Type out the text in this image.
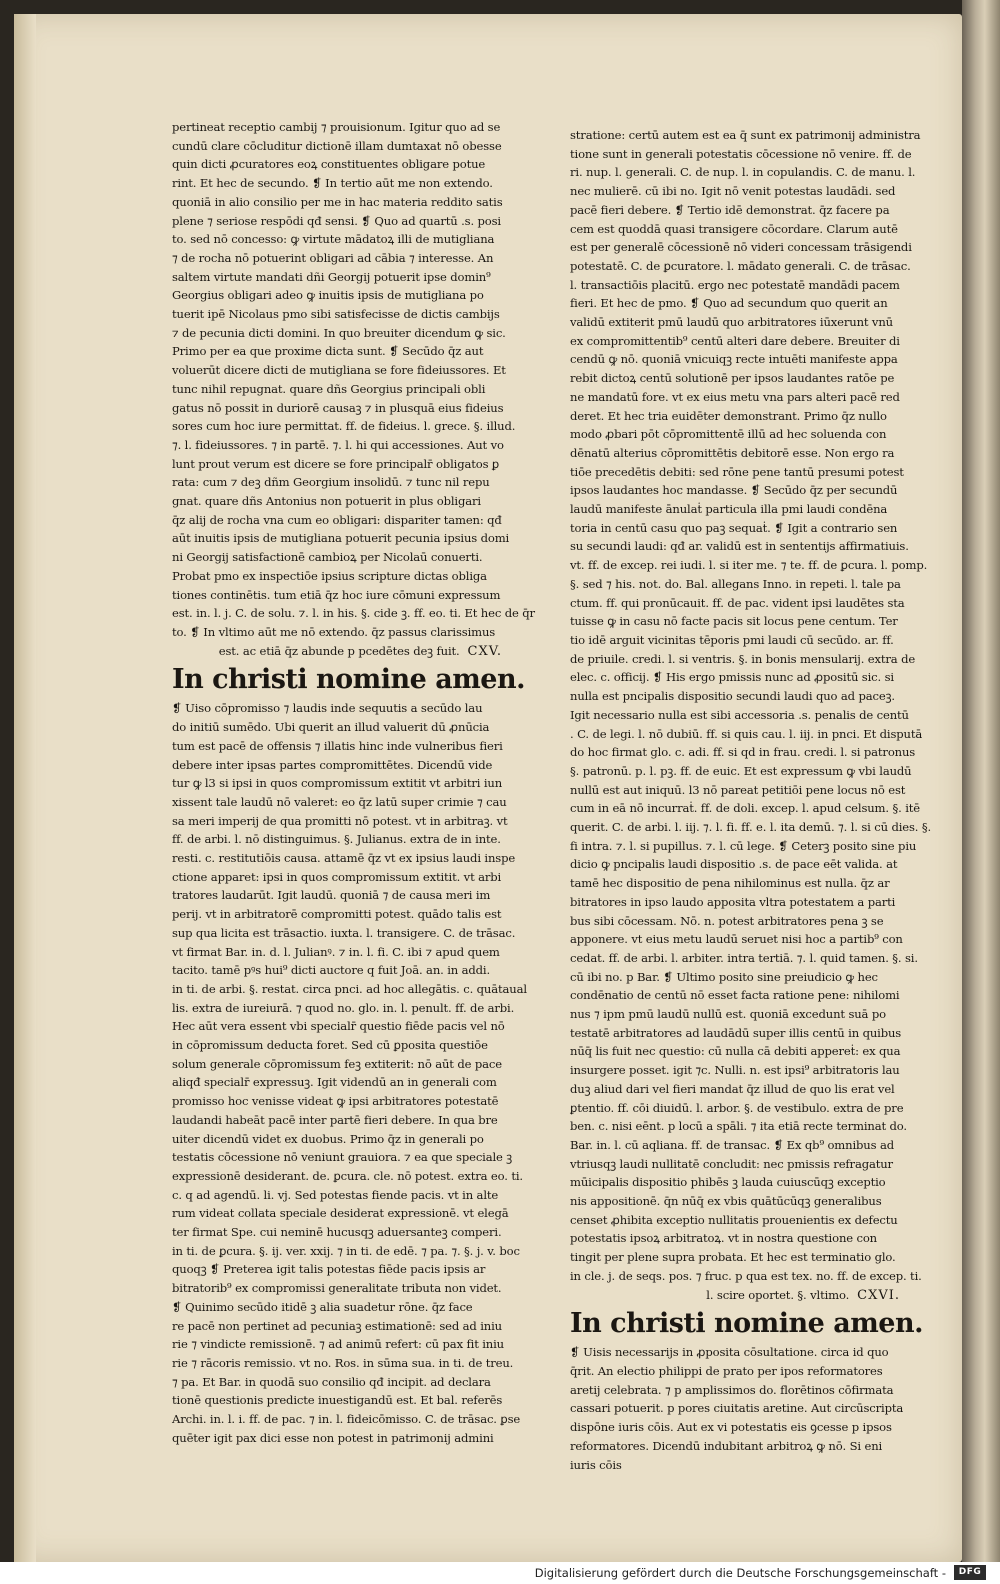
pertineat receptio cambij ⁊ prouisionum. Igitur quo ad se
cundū clare cōcluditur dictionē illam dumtaxat nō obesse
quin dicti ꝓcuratores eoꝝ constituentes obligare potue
rint. Et hec de secundo. ❡ In tertio aūt me non extendo.
quoniā in alio consilio per me in hac materia reddito satis
plene ⁊ seriose respōdi qđ sensi. ❡ Quo ad quartū .s. posi
to. sed nō concesso: ꝙ virtute mādatoꝝ illi de mutigliana
⁊ de rocha nō potuerint obligari ad cābia ⁊ interesse. An
saltem virtute mandati dñi Georgij potuerit ipse domin⁹
Georgius obligari adeo ꝙ inuitis ipsis de mutigliana po
tuerit ipē Nicolaus pmo sibi satisfecisse de dictis cambijs
⁊ de pecunia dicti domini. In quo breuiter dicendum ꝙ sic.
Primo per ea que proxime dicta sunt. ❡ Secūdo q̄z aut
voluerūt dicere dicti de mutigliana se fore fideiussores. Et
tunc nihil repugnat. quare dñs Georgius principali obli
gatus nō possit in duriorē causaꝫ ⁊ in plusquā eius fideius
sores cum hoc iure permittat. ff. de fideius. l. grece. §. illud.
⁊. l. fideiussores. ⁊ in partē. ⁊. l. hi qui accessiones. Aut vo
lunt prout verum est dicere se fore principalr̄ obligatos ꝑ
rata: cum ⁊ deꝫ dñm Georgium insolidū. ⁊ tunc nil repu
gnat. quare dñs Antonius non potuerit in plus obligari
q̄z alij de rocha vna cum eo obligari: dispariter tamen: qđ
aūt inuitis ipsis de mutigliana potuerit pecunia ipsius domi
ni Georgij satisfactionē cambioꝝ per Nicolaū conuerti.
Probat pmo ex inspectiōe ipsius scripture dictas obliga
tiones continētis. tum etiā q̄z hoc iure cōmuni expressum
est. in. l. j. C. de solu. ⁊. l. in his. §. cide ꝫ. ff. eo. ti. Et hec de q̄r
to. ❡ In vltimo aūt me nō extendo. q̄z passus clarissimus
est. ac etiā q̄z abunde p pcedētes deꝫ fuit. CXV.
In christi nomine amen.
❡ Uiso cōpromisso ⁊ laudis inde sequutis a secūdo lau
do initiū sumēdo. Ubi querit an illud valuerit dū ꝓnūcia
tum est pacē de offensis ⁊ illatis hinc inde vulneribus fieri
debere inter ipsas partes compromittētes. Dicendū vide
tur ꝙ l3 si ipsi in quos compromissum extitit vt arbitri iun
xissent tale laudū nō valeret: eo q̄z latū super crimie ⁊ cau
sa meri imperij de qua promitti nō potest. vt in arbitraꝫ. vt
ff. de arbi. l. nō distinguimus. §. Julianus. extra de in inte.
resti. c. restitutiōis causa. attamē q̄z vt ex ipsius laudi inspe
ctione apparet: ipsi in quos compromissum extitit. vt arbi
tratores laudarūt. Igit laudū. quoniā ⁊ de causa meri im
perij. vt in arbitratorē compromitti potest. quādo talis est
sup qua licita est trāsactio. iuxta. l. transigere. C. de trāsac.
vt firmat Bar. in. d. l. Julianꝰ. ⁊ in. l. fi. C. ibi ⁊ apud quem
tacito. tamē pꝰs hui⁹ dicti auctore q fuit Joā. an. in addi.
in ti. de arbi. §. restat. circa pnci. ad hoc allegātis. c. quātaual
lis. extra de iureiurā. ⁊ quod no. glo. in. l. penult. ff. de arbi.
Hec aūt vera essent vbi specialr̄ questio fiēde pacis vel nō
in cōpromissum deducta foret. Sed cū ꝑposita questiōe
solum generale cōpromissum feꝫ extiterit: nō aūt de pace
aliqđ specialr̄ expressuꝫ. Igit videndū an in generali com
promisso hoc venisse videat ꝙ ipsi arbitratores potestatē
laudandi habeāt pacē inter partē fieri debere. In qua bre
uiter dicendū videt ex duobus. Primo q̄z in generali po
testatis cōcessione nō veniunt grauiora. ⁊ ea que speciale ꝫ
expressionē desiderant. de. ꝑcura. cle. nō potest. extra eo. ti.
c. q ad agendū. li. vj. Sed potestas fiende pacis. vt in alte
rum videat collata speciale desiderat expressionē. vt elegā
ter firmat Spe. cui neminē hucusqꝫ aduersanteꝫ comperi.
in ti. de ꝑcura. §. ij. ver. xxij. ⁊ in ti. de edē. ⁊ pa. ⁊. §. j. v. boc
quoqꝫ ❡ Preterea igit talis potestas fiēde pacis ipsis ar
bitratorib⁹ ex compromissi generalitate tributa non videt.
❡ Quinimo secūdo itidē ꝫ alia suadetur rōne. q̄z face
re pacē non pertinet ad pecuniaꝫ estimationē: sed ad iniu
rie ⁊ vindicte remissionē. ⁊ ad animū refert: cū pax fit iniu
rie ⁊ rācoris remissio. vt no. Ros. in sūma sua. in ti. de treu.
⁊ pa. Et Bar. in quodā suo consilio qđ incipit. ad declara
tionē questionis predicte inuestigandū est. Et bal. referēs
Archi. in. l. i. ff. de pac. ⁊ in. l. fideicōmisso. C. de trāsac. ꝑse
quēter igit pax dici esse non potest in patrimonij admini
stratione: certū autem est ea q̄ sunt ex patrimonij administra
tione sunt in generali potestatis cōcessione nō venire. ff. de
ri. nup. l. generali. C. de nup. l. in copulandis. C. de manu. l.
nec mulierē. cū ibi no. Igit nō venit potestas laudādi. sed
pacē fieri debere. ❡ Tertio idē demonstrat. q̄z facere pa
cem est quoddā quasi transigere cōcordare. Clarum autē
est per generalē cōcessionē nō videri concessam trāsigendi
potestatē. C. de ꝑcuratore. l. mādato generali. C. de trāsac.
l. transactiōis placitū. ergo nec potestatē mandādi pacem
fieri. Et hec de pmo. ❡ Quo ad secundum quo querit an
validū extiterit pmū laudū quo arbitratores iūxerunt vnū
ex compromittentib⁹ centū alteri dare debere. Breuiter di
cendū ꝙ nō. quoniā vnicuiqꝫ recte intuēti manifeste appa
rebit dictoꝝ centū solutionē per ipsos laudantes ratōe pe
ne mandatū fore. vt ex eius metu vna pars alteri pacē red
deret. Et hec tria euidēter demonstrant. Primo q̄z nullo
modo ꝓbari pōt cōpromittentē illū ad hec soluenda con
dēnatū alterius cōpromittētis debitorē esse. Non ergo ra
tiōe precedētis debiti: sed rōne pene tantū presumi potest
ipsos laudantes hoc mandasse. ❡ Secūdo q̄z per secundū
laudū manifeste ānulaṫ particula illa pmi laudi condēna
toria in centū casu quo paꝫ sequaṫ. ❡ Igit a contrario sen
su secundi laudi: qđ ar. validū est in sententijs affirmatiuis.
vt. ff. de excep. rei iudi. l. si iter me. ⁊ te. ff. de ꝑcura. l. pomp.
§. sed ⁊ his. not. do. Bal. allegans Inno. in repeti. l. tale pa
ctum. ff. qui pronūcauit. ff. de pac. vident ipsi laudētes sta
tuisse ꝙ in casu nō facte pacis sit locus pene centum. Ter
tio idē arguit vicinitas tēporis pmi laudi cū secūdo. ar. ff.
de priuile. credi. l. si ventris. §. in bonis mensularij. extra de
elec. c. officij. ❡ His ergo pmissis nunc ad ꝓpositū sic. si
nulla est pncipalis dispositio secundi laudi quo ad paceꝫ.
Igit necessario nulla est sibi accessoria .s. penalis de centū
. C. de legi. l. nō dubiū. ff. si quis cau. l. iij. in pnci. Et disputā
do hoc firmat glo. c. adi. ff. si qd in frau. credi. l. si patronus
§. patronū. p. l. pꝫ. ff. de euic. Et est expressum ꝙ vbi laudū
nullū est aut iniquū. l3 nō pareat petitiōi pene locus nō est
cum in eā nō incurraṫ. ff. de doli. excep. l. apud celsum. §. itē
querit. C. de arbi. l. iij. ⁊. l. fi. ff. e. l. ita demū. ⁊. l. si cū dies. §.
fi intra. ⁊. l. si pupillus. ⁊. l. cū lege. ❡ Ceterꝫ posito sine piu
dicio ꝙ pncipalis laudi dispositio .s. de pace eēt valida. at
tamē hec dispositio de pena nihilominus est nulla. q̄z ar
bitratores in ipso laudo apposita vltra potestatem a parti
bus sibi cōcessam. Nō. n. potest arbitratores pena ꝫ se
apponere. vt eius metu laudū seruet nisi hoc a partib⁹ con
cedat. ff. de arbi. l. arbiter. intra tertiā. ⁊. l. quid tamen. §. si.
cū ibi no. p Bar. ❡ Ultimo posito sine preiudicio ꝙ hec
condēnatio de centū nō esset facta ratione pene: nihilomi
nus ⁊ ipm pmū laudū nullū est. quoniā excedunt suā po
testatē arbitratores ad laudādū super illis centū in quibus
nūq̄ lis fuit nec questio: cū nulla cā debiti appereṫ: ex qua
insurgere posset. igit ⁊c. Nulli. n. est ipsi⁹ arbitratoris lau
duꝫ aliud dari vel fieri mandat q̄z illud de quo lis erat vel
ꝑtentio. ff. cōi diuidū. l. arbor. §. de vestibulo. extra de pre
ben. c. nisi eēnt. p locū a spāli. ⁊ ita etiā recte terminat do.
Bar. in. l. cū aqliana. ff. de transac. ❡ Ex qb⁹ omnibus ad
vtriusqꝫ laudi nullitatē concludit: nec pmissis refragatur
mūicipalis dispositio phibēs ꝫ lauda cuiuscūqꝫ exceptio
nis appositionē. q̄n nūq̄ ex vbis quātūcūqꝫ generalibus
censet ꝓhibita exceptio nullitatis prouenientis ex defectu
potestatis ipsoꝝ arbitratoꝝ. vt in nostra questione con
tingit per plene supra probata. Et hec est terminatio glo.
in cle. j. de seqs. pos. ⁊ fruc. p qua est tex. no. ff. de excep. ti.
l. scire oportet. §. vltimo. CXVI.
In christi nomine amen.
❡ Uisis necessarijs in ꝓposita cōsultatione. circa id quo
q̄rit. An electio philippi de prato per ipos reformatores
aretij celebrata. ⁊ p amplissimos do. florētinos cōfirmata
cassari potuerit. p pores ciuitatis aretine. Aut circūscripta
dispōne iuris cōis. Aut ex vi potestatis eis ꝯcesse p ipsos
reformatores. Dicendū indubitant arbitroꝝ ꝙ nō. Si eni
iuris cōis
Digitalisierung gefördert durch die Deutsche Forschungsgemeinschaft -	DFG
